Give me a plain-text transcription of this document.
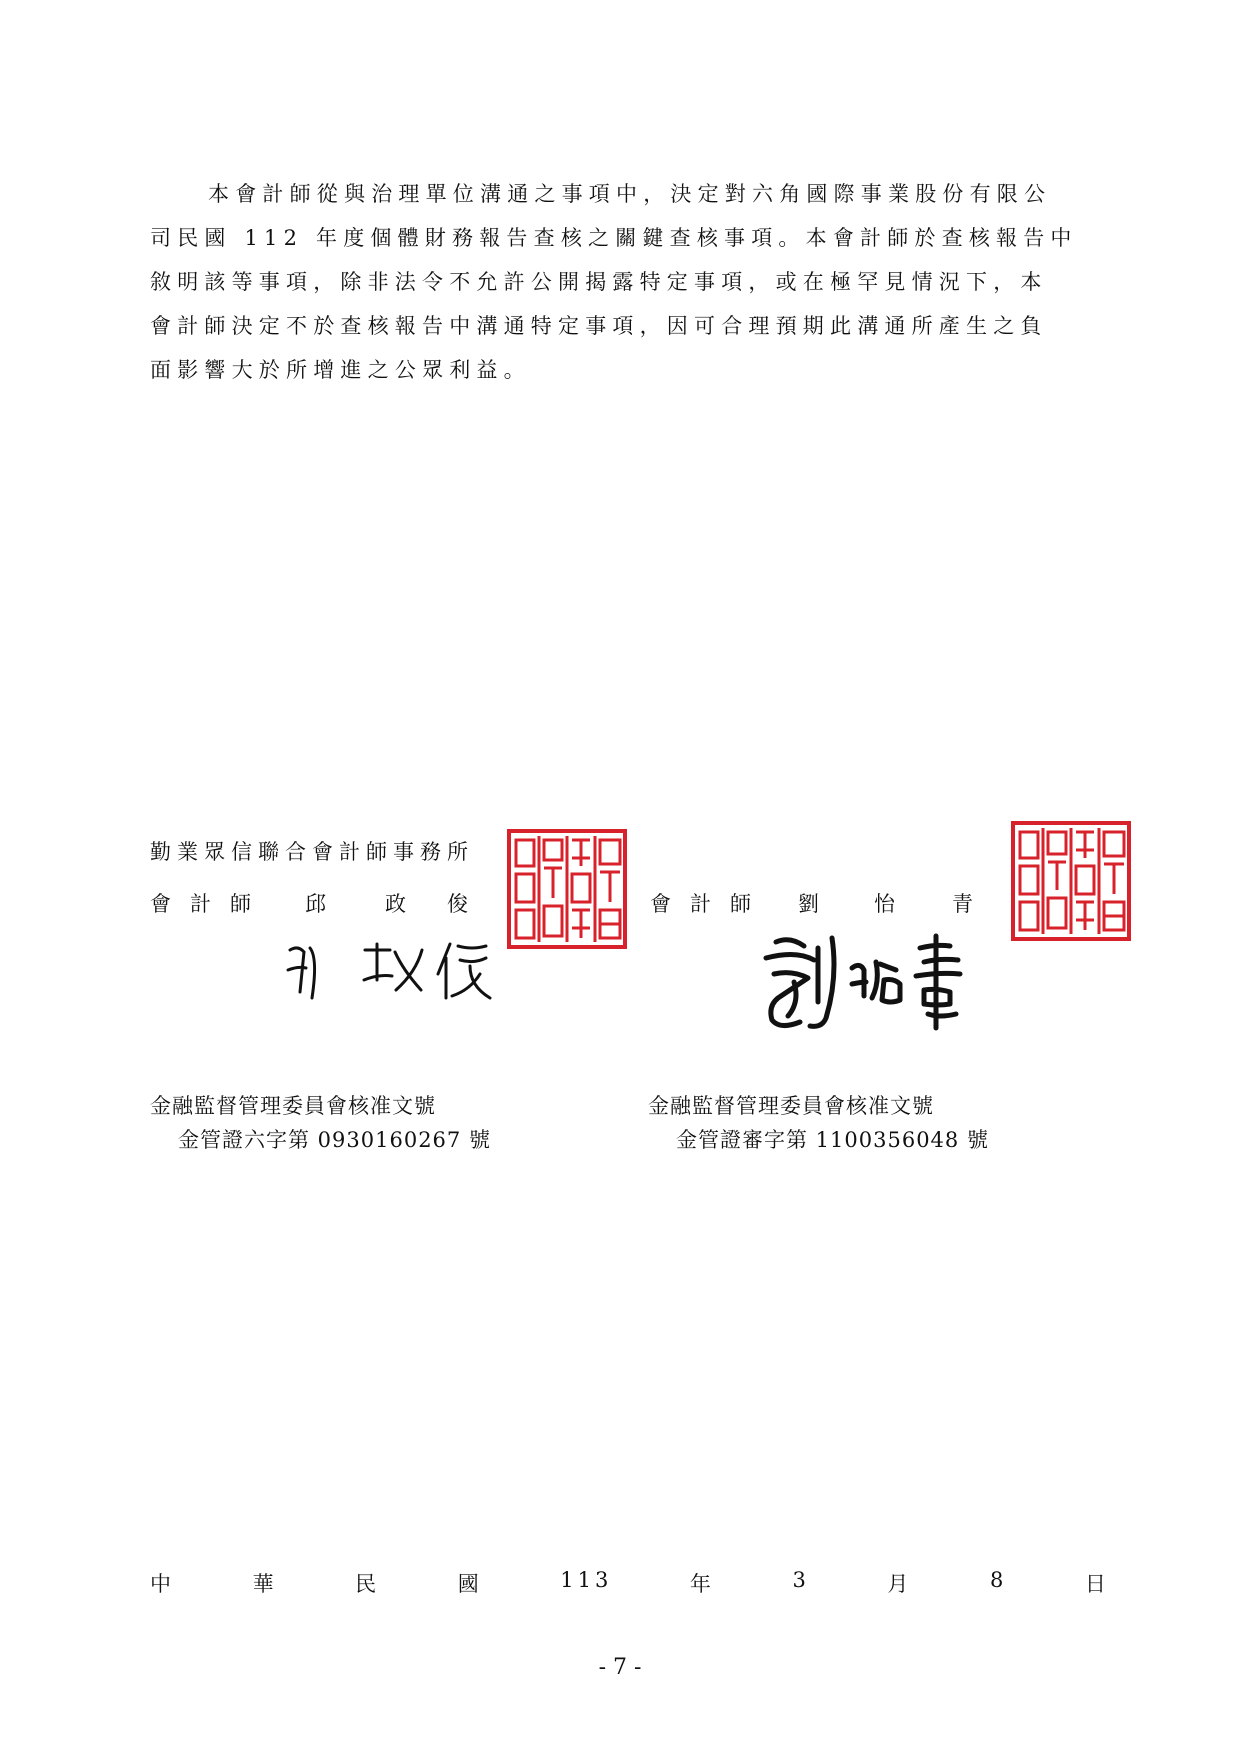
本會計師從與治理單位溝通之事項中，決定對六角國際事業股份有限公
司民國 112 年度個體財務報告查核之關鍵查核事項。本會計師於查核報告中
敘明該等事項，除非法令不允許公開揭露特定事項，或在極罕見情況下，本
會計師決定不於查核報告中溝通特定事項，因可合理預期此溝通所產生之負
面影響大於所增進之公眾利益。
勤業眾信聯合會計師事務所
會 計 師	邱	政	俊	會 計 師	劉	怡	青
金融監督管理委員會核准文號
金管證六字第 0930160267 號
金融監督管理委員會核准文號
金管證審字第 1100356048 號
中	華	民	國	113	年	3	月	8	日
- 7 -
